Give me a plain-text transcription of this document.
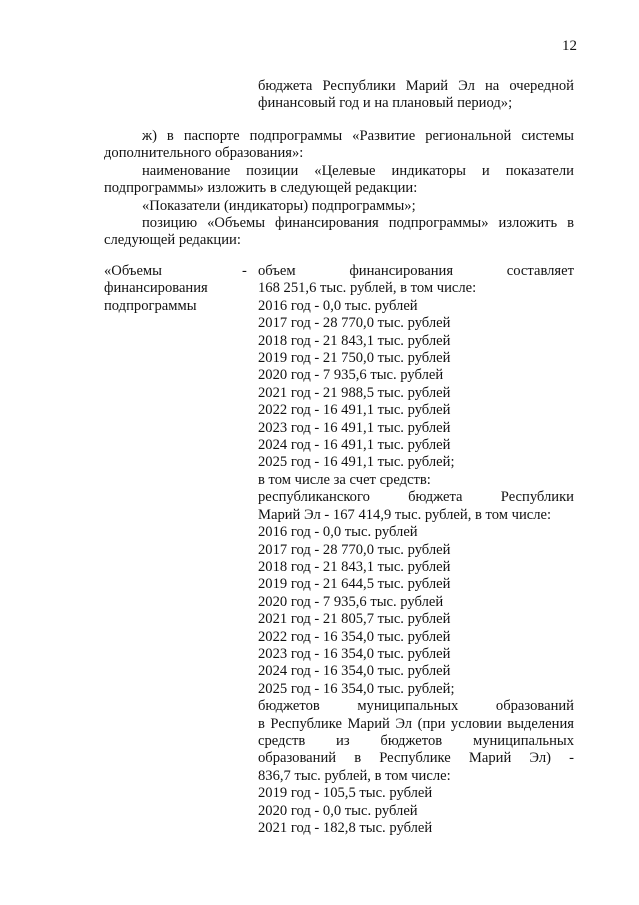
12
бюджета Республики Марий Эл на очередной финансовый год и на плановый период»;

ж) в паспорте подпрограммы «Развитие региональной системы дополнительного образования»:

наименование позиции «Целевые индикаторы и показатели подпрограммы» изложить в следующей редакции:

«Показатели (индикаторы) подпрограммы»;

позицию «Объемы финансирования подпрограммы» изложить в следующей редакции:

«Объемы
финансирования
подпрограммы
- объем финансирования составляет
168 251,6 тыс. рублей, в том числе:
2016 год - 0,0 тыс. рублей
2017 год - 28 770,0 тыс. рублей
2018 год - 21 843,1 тыс. рублей
2019 год - 21 750,0 тыс. рублей
2020 год - 7 935,6 тыс. рублей
2021 год - 21 988,5 тыс. рублей
2022 год - 16 491,1 тыс. рублей
2023 год - 16 491,1 тыс. рублей
2024 год - 16 491,1 тыс. рублей
2025 год - 16 491,1 тыс. рублей;
в том числе за счет средств:
республиканского бюджета Республики
Марий Эл - 167 414,9 тыс. рублей, в том числе:
2016 год - 0,0 тыс. рублей
2017 год - 28 770,0 тыс. рублей
2018 год - 21 843,1 тыс. рублей
2019 год - 21 644,5 тыс. рублей
2020 год - 7 935,6 тыс. рублей
2021 год - 21 805,7 тыс. рублей
2022 год - 16 354,0 тыс. рублей
2023 год - 16 354,0 тыс. рублей
2024 год - 16 354,0 тыс. рублей
2025 год - 16 354,0 тыс. рублей;
бюджетов муниципальных образований
в Республике Марий Эл (при условии выделения
средств из бюджетов муниципальных
образований в Республике Марий Эл) -
836,7 тыс. рублей, в том числе:
2019 год - 105,5 тыс. рублей
2020 год - 0,0 тыс. рублей
2021 год - 182,8 тыс. рублей
